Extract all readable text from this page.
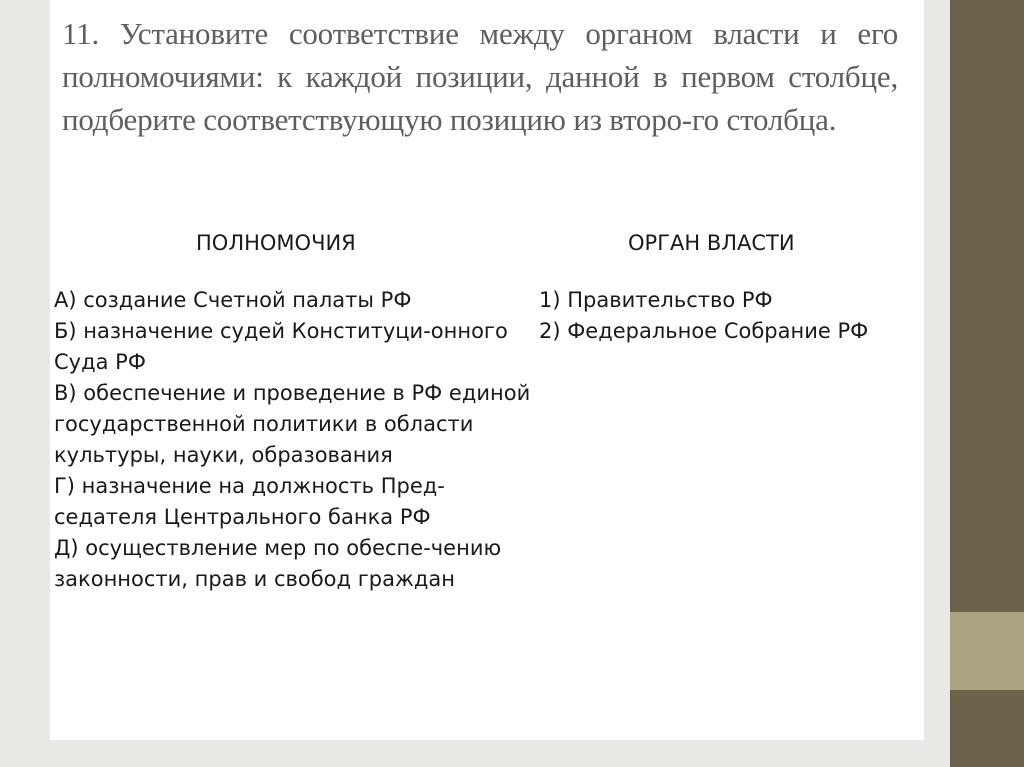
11. Установите соответствие между органом власти и его полномочиями: к каждой позиции, данной в первом столбце, подберите соответствующую позицию из второ-го столбца.
ПОЛНОМОЧИЯ	ОРГАН ВЛАСТИ
А) создание Счетной палаты РФ
Б) назначение судей Конституци-онного Суда РФ
В) обеспечение и проведение в РФ единой государственной политики в области культуры, науки, образования
Г) назначение на должность Пред-седателя Центрального банка РФ
Д) осуществление мер по обеспе-чению законности, прав и свобод граждан
1) Правительство РФ
2) Федеральное Собрание РФ
